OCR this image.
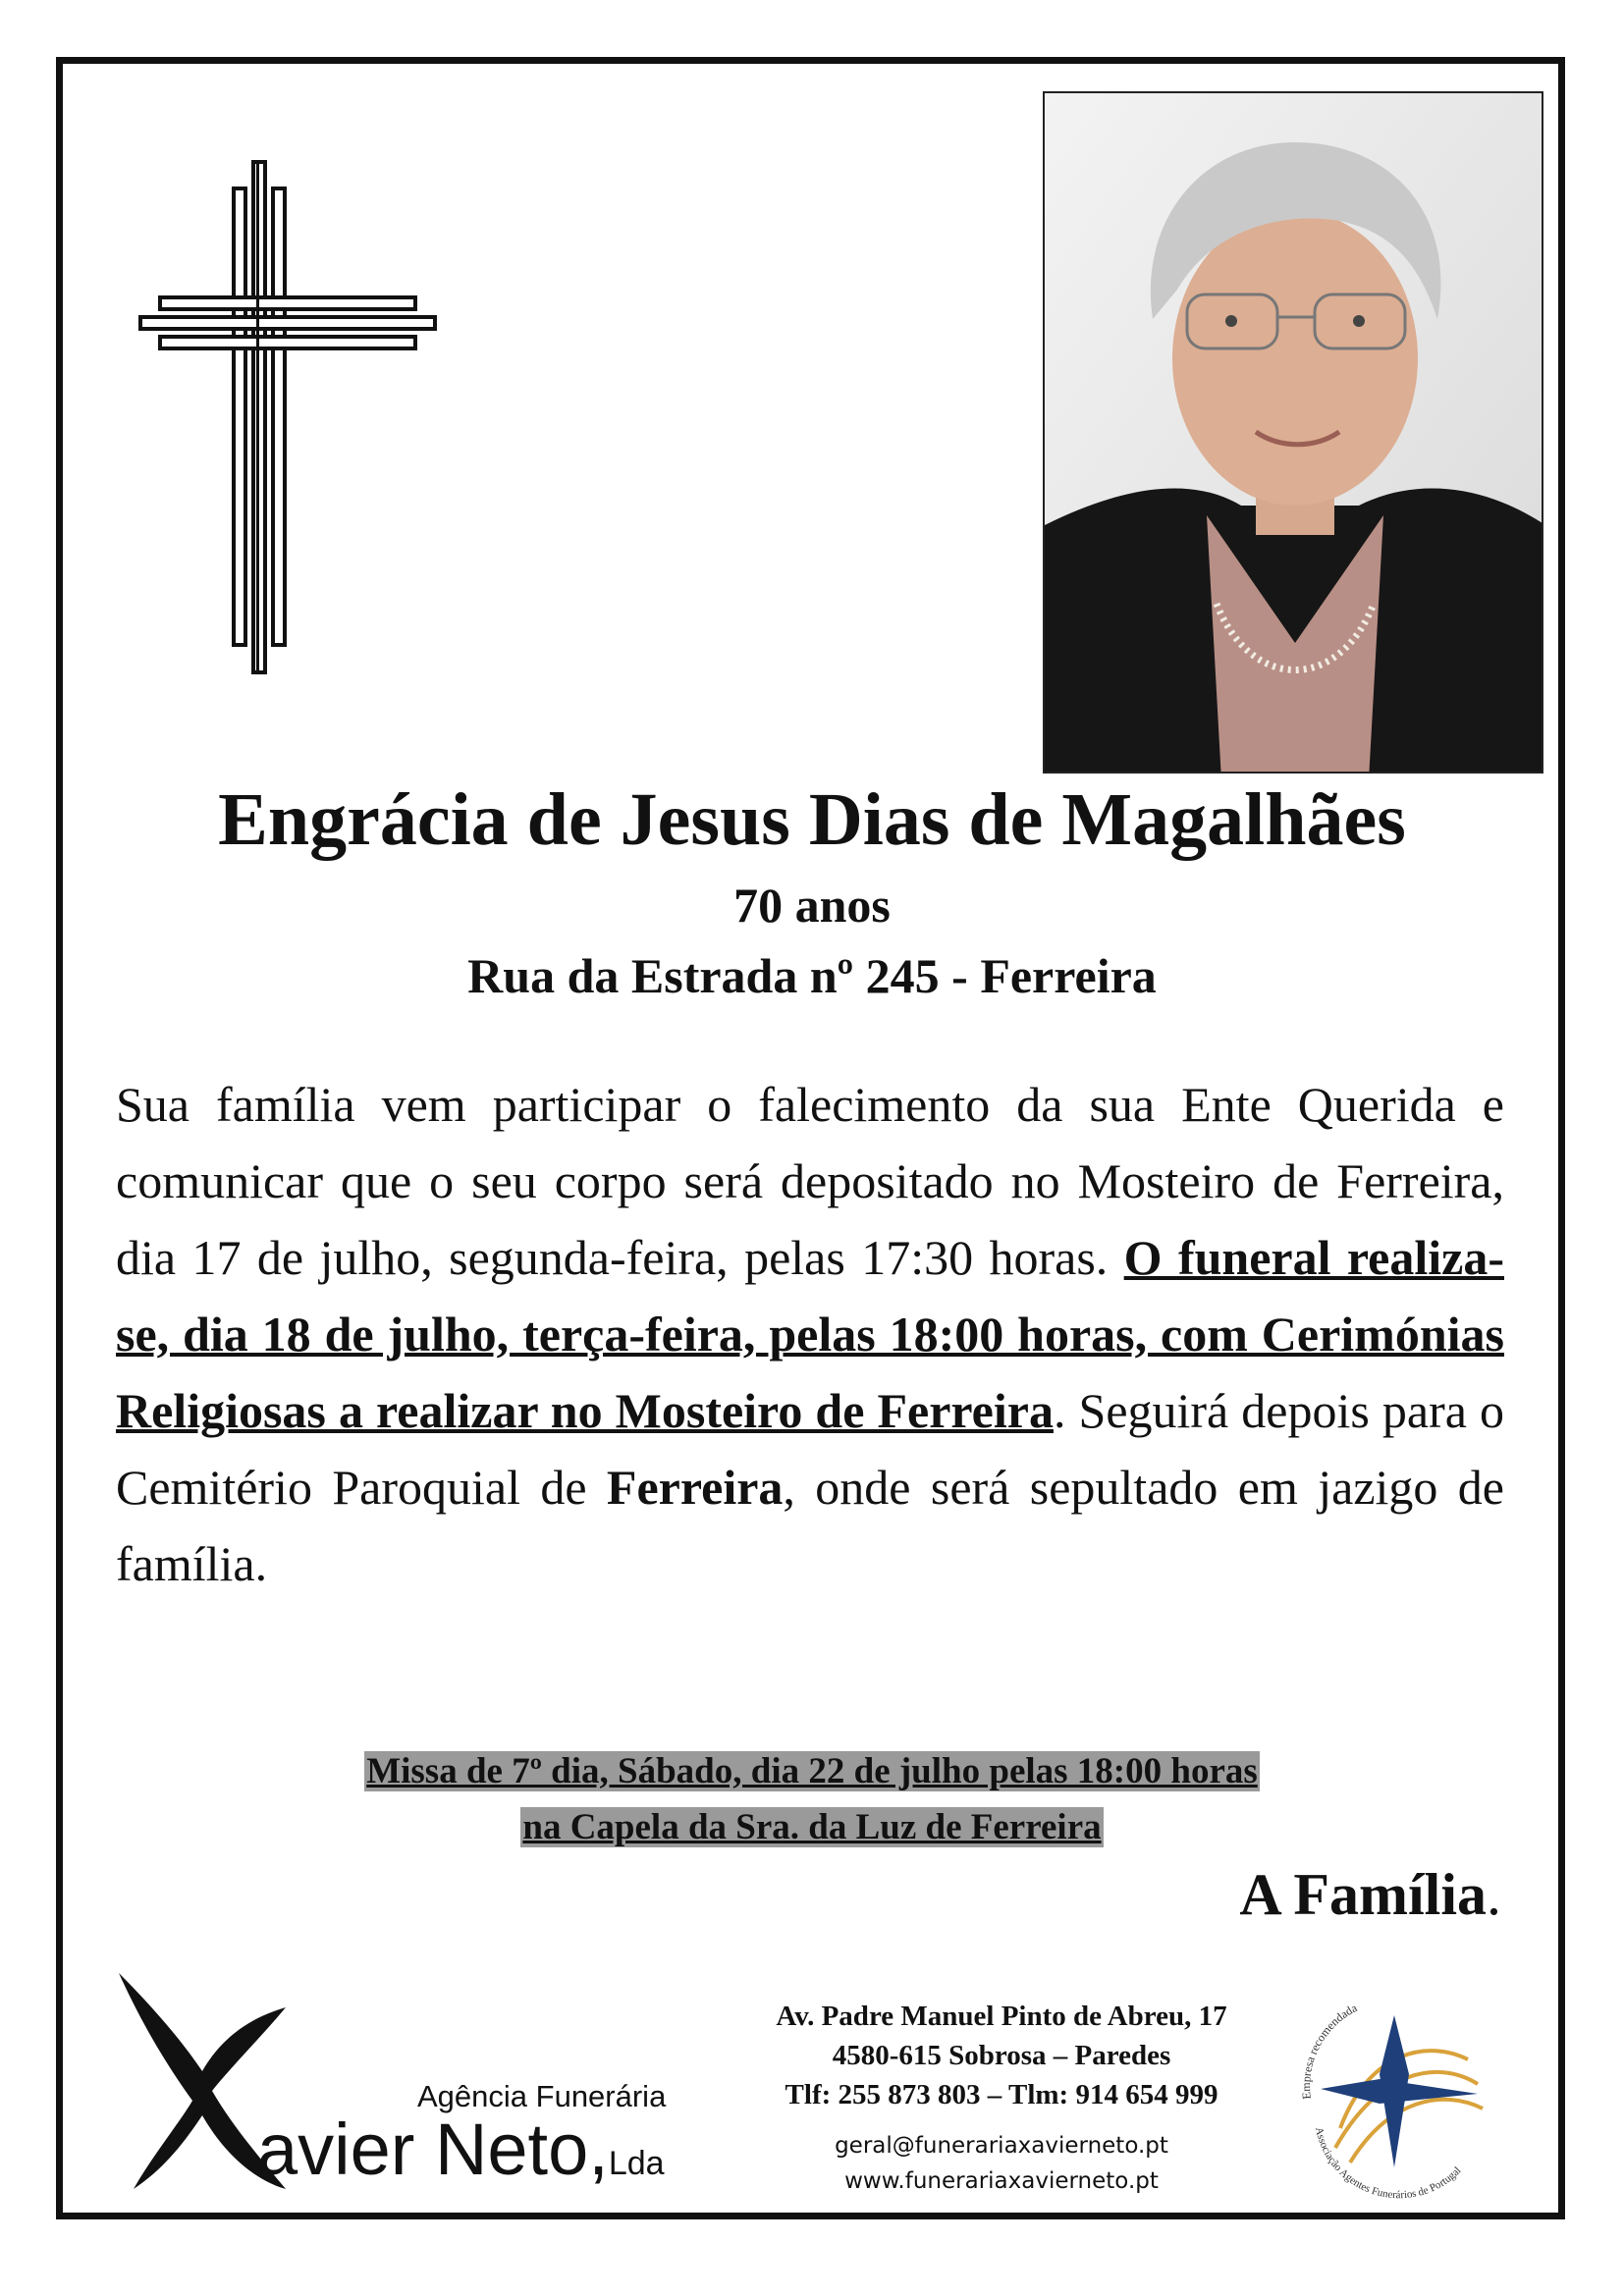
Engrácia de Jesus Dias de Magalhães
70 anos
Rua da Estrada nº 245 - Ferreira
Sua família vem participar o falecimento da sua Ente Querida e comunicar que o seu corpo será depositado no Mosteiro de Ferreira, dia 17 de julho, segunda-feira, pelas 17:30 horas. O funeral realiza-se, dia 18 de julho, terça-feira, pelas 18:00 horas, com Cerimónias Religiosas a realizar no Mosteiro de Ferreira. Seguirá depois para o Cemitério Paroquial de Ferreira, onde será sepultado em jazigo de família.
Missa de 7º dia, Sábado, dia 22 de julho pelas 18:00 horas
na Capela da Sra. da Luz de Ferreira
A Família.
Agência Funerária
avier Neto,Lda
Av. Padre Manuel Pinto de Abreu, 17
4580-615 Sobrosa – Paredes
Tlf: 255 873 803 – Tlm: 914 654 999
geral@funerariaxavierneto.pt
www.funerariaxavierneto.pt
Empresa recomendada
Associação Agentes Funerários de Portugal
